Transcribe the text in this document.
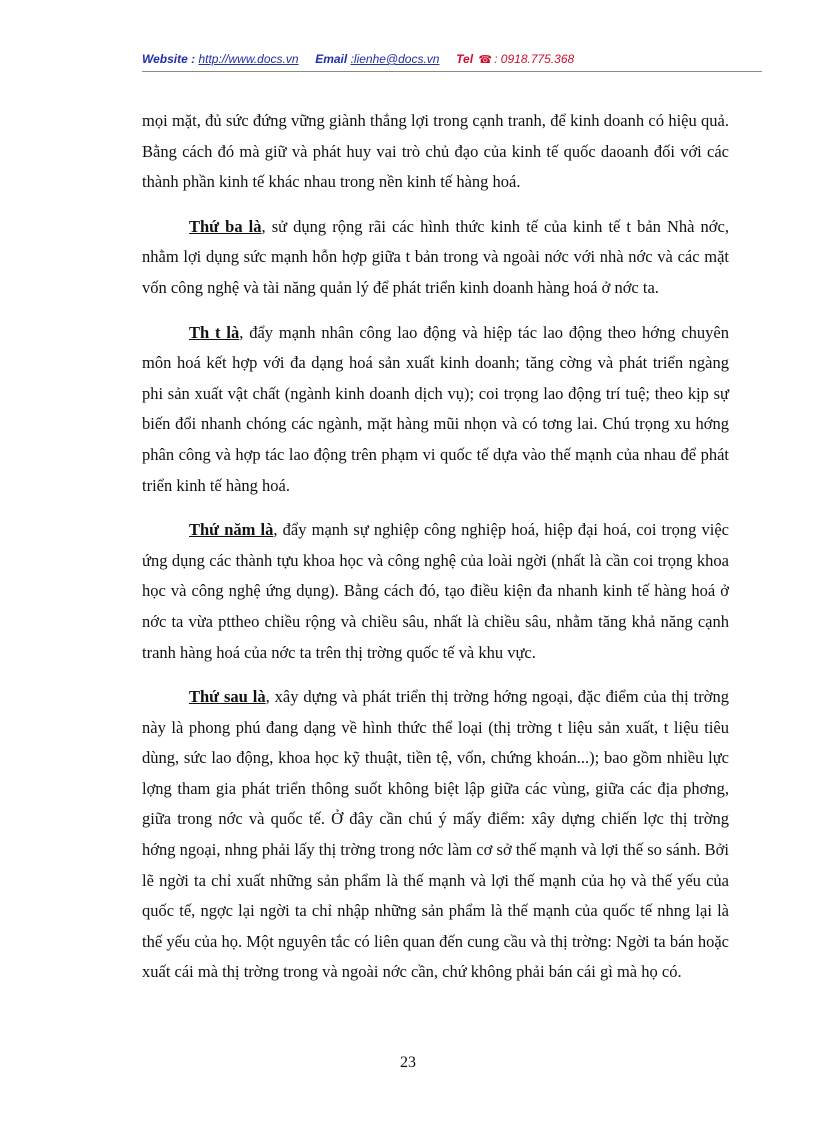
Website : http://www.docs.vn Email :lienhe@docs.vn Tel ☎ : 0918.775.368

mọi mặt, đủ sức đứng vững giành thắng lợi trong cạnh tranh, để kinh doanh có hiệu quả. Bằng cách đó mà giữ và phát huy vai trò chủ đạo của kinh tế quốc daoanh đối với các thành phần kinh tế khác nhau trong nền kinh tế hàng hoá.

Thứ ba là, sử dụng rộng rãi các hình thức kinh tế của kinh tế t bản Nhà nớc, nhằm lợi dụng sức mạnh hỗn hợp giữa t bản trong và ngoài nớc với nhà nớc và các mặt vốn công nghệ và tài năng quản lý để phát triển kinh doanh hàng hoá ở nớc ta.

Th t là, đẩy mạnh nhân công lao động và hiệp tác lao động theo hớng chuyên môn hoá kết hợp với đa dạng hoá sản xuất kinh doanh; tăng cờng và phát triển ngàng phi sản xuất vật chất (ngành kinh doanh dịch vụ); coi trọng lao động trí tuệ; theo kịp sự biến đổi nhanh chóng các ngành, mặt hàng mũi nhọn và có tơng lai. Chú trọng xu hớng phân công và hợp tác lao động trên phạm vi quốc tế dựa vào thế mạnh của nhau để phát triển kinh tế hàng hoá.

Thứ năm là, đẩy mạnh sự nghiệp công nghiệp hoá, hiệp đại hoá, coi trọng việc ứng dụng các thành tựu khoa học và công nghệ của loài ngời (nhất là cần coi trọng khoa học và công nghệ ứng dụng). Bằng cách đó, tạo điều kiện đa nhanh kinh tế hàng hoá ở nớc ta vừa pttheo chiều rộng và chiều sâu, nhất là chiều sâu, nhằm tăng khả năng cạnh tranh hàng hoá của nớc ta trên thị trờng quốc tế và khu vực.

Thứ sau là, xây dựng và phát triển thị trờng hớng ngoại, đặc điểm của thị trờng này là phong phú đang dạng về hình thức thể loại (thị trờng t liệu sản xuất, t liệu tiêu dùng, sức lao động, khoa học kỹ thuật, tiền tệ, vốn, chứng khoán...); bao gồm nhiều lực lợng tham gia phát triển thông suốt không biệt lập giữa các vùng, giữa các địa phơng, giữa trong nớc và quốc tế. Ở đây cần chú ý mấy điểm: xây dựng chiến lợc thị trờng hớng ngoại, nhng phải lấy thị trờng trong nớc làm cơ sở thế mạnh và lợi thế so sánh. Bởi lẽ ngời ta chỉ xuất những sản phẩm là thế mạnh và lợi thế mạnh của họ và thế yếu của quốc tế, ngợc lại ngời ta chỉ nhập những sản phẩm là thế mạnh của quốc tế nhng lại là thế yếu của họ. Một nguyên tắc có liên quan đến cung cầu và thị trờng: Ngời ta bán hoặc xuất cái mà thị trờng trong và ngoài nớc cần, chứ không phải bán cái gì mà họ có.

23
